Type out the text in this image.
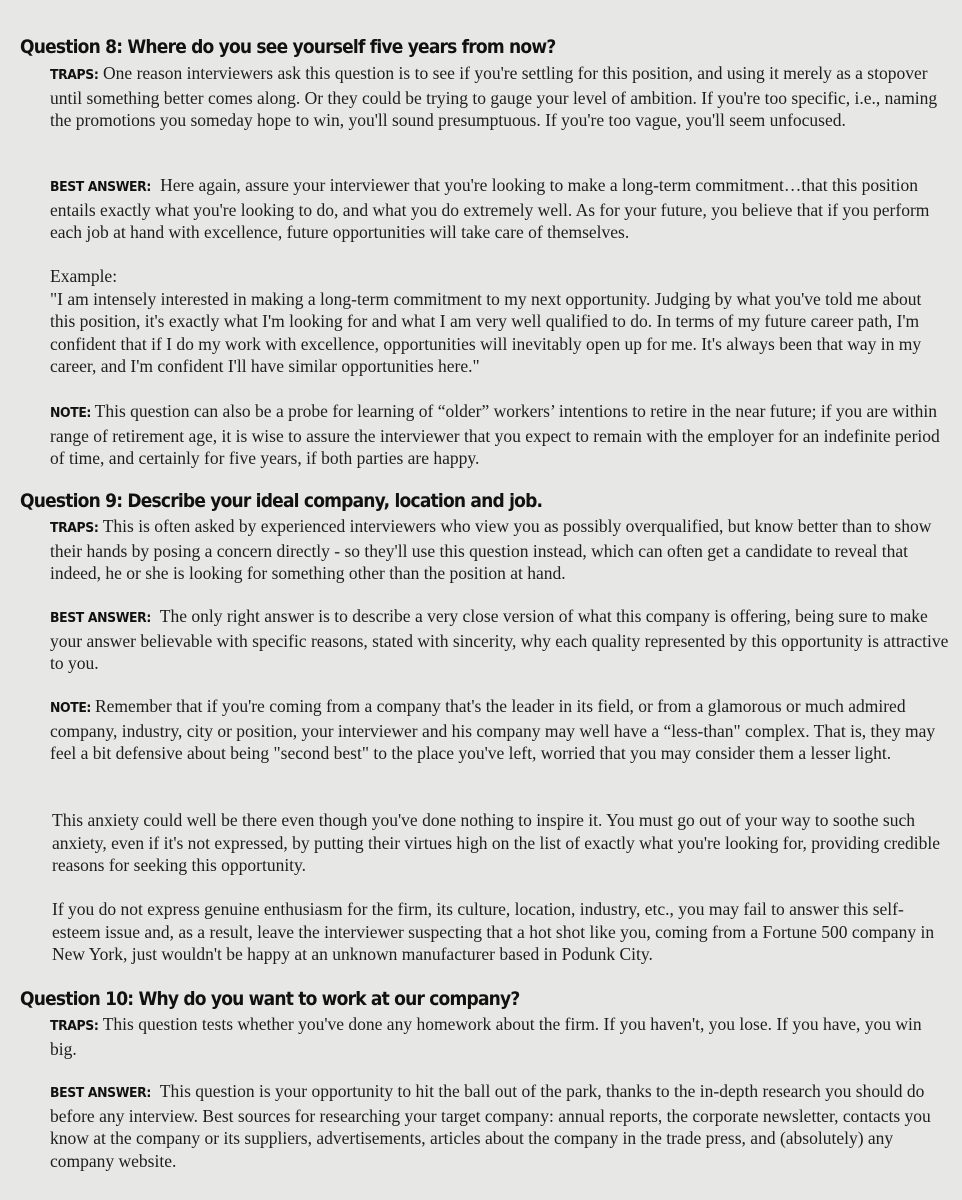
Question 8: Where do you see yourself five years from now?
TRAPS: One reason interviewers ask this question is to see if you're settling for this position, and using it merely as a stopover until something better comes along. Or they could be trying to gauge your level of ambition. If you're too specific, i.e., naming the promotions you someday hope to win, you'll sound presumptuous. If you're too vague, you'll seem unfocused.
BEST ANSWER: Here again, assure your interviewer that you're looking to make a long-term commitment…that this position entails exactly what you're looking to do, and what you do extremely well. As for your future, you believe that if you perform each job at hand with excellence, future opportunities will take care of themselves.
Example:
"I am intensely interested in making a long-term commitment to my next opportunity. Judging by what you've told me about this position, it's exactly what I'm looking for and what I am very well qualified to do. In terms of my future career path, I'm confident that if I do my work with excellence, opportunities will inevitably open up for me. It's always been that way in my career, and I'm confident I'll have similar opportunities here."
NOTE: This question can also be a probe for learning of “older” workers’ intentions to retire in the near future; if you are within range of retirement age, it is wise to assure the interviewer that you expect to remain with the employer for an indefinite period of time, and certainly for five years, if both parties are happy.
Question 9: Describe your ideal company, location and job.
TRAPS: This is often asked by experienced interviewers who view you as possibly overqualified, but know better than to show their hands by posing a concern directly - so they'll use this question instead, which can often get a candidate to reveal that indeed, he or she is looking for something other than the position at hand.
BEST ANSWER: The only right answer is to describe a very close version of what this company is offering, being sure to make your answer believable with specific reasons, stated with sincerity, why each quality represented by this opportunity is attractive to you.
NOTE: Remember that if you're coming from a company that's the leader in its field, or from a glamorous or much admired company, industry, city or position, your interviewer and his company may well have a “less-than" complex. That is, they may feel a bit defensive about being "second best" to the place you've left, worried that you may consider them a lesser light.
This anxiety could well be there even though you've done nothing to inspire it. You must go out of your way to soothe such anxiety, even if it's not expressed, by putting their virtues high on the list of exactly what you're looking for, providing credible reasons for seeking this opportunity.
If you do not express genuine enthusiasm for the firm, its culture, location, industry, etc., you may fail to answer this self-esteem issue and, as a result, leave the interviewer suspecting that a hot shot like you, coming from a Fortune 500 company in New York, just wouldn't be happy at an unknown manufacturer based in Podunk City.
Question 10: Why do you want to work at our company?
TRAPS: This question tests whether you've done any homework about the firm. If you haven't, you lose. If you have, you win big.
BEST ANSWER: This question is your opportunity to hit the ball out of the park, thanks to the in-depth research you should do before any interview. Best sources for researching your target company: annual reports, the corporate newsletter, contacts you know at the company or its suppliers, advertisements, articles about the company in the trade press, and (absolutely) any company website.
